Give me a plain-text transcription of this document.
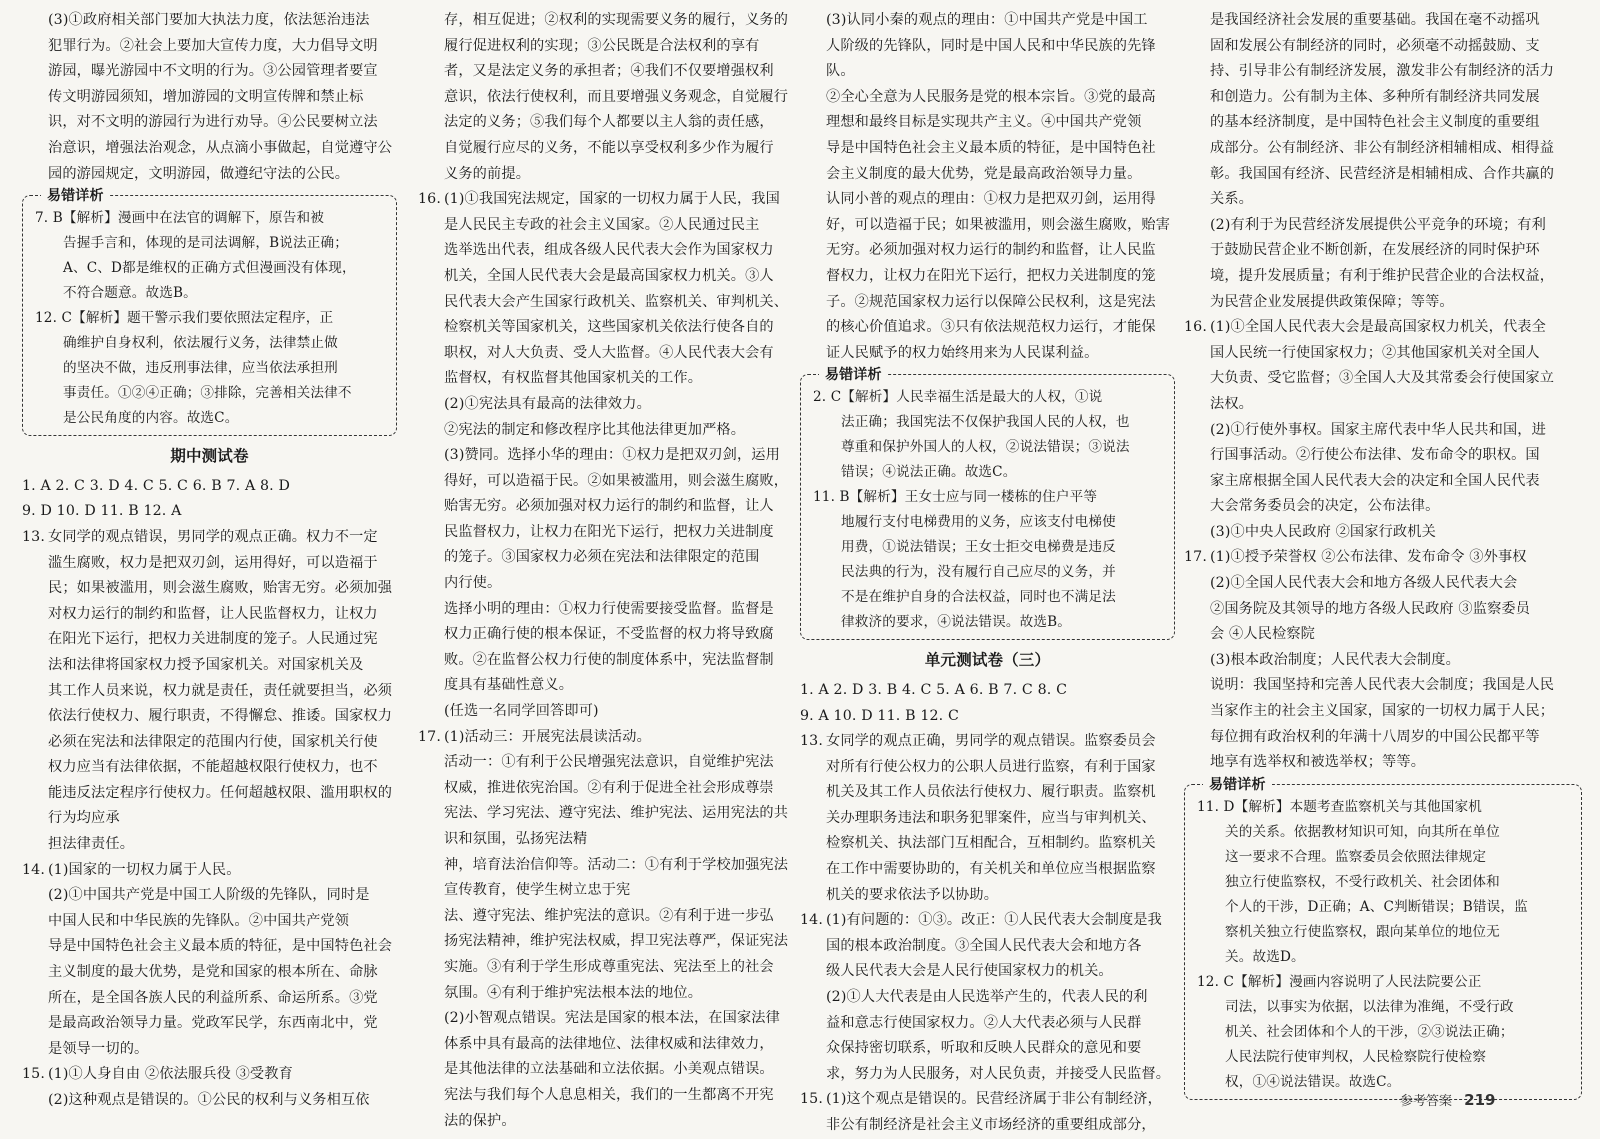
(3)①政府相关部门要加大执法力度，依法惩治违法

犯罪行为。②社会上要加大宣传力度，大力倡导文明

游园，曝光游园中不文明的行为。③公园管理者要宣

传文明游园须知，增加游园的文明宣传牌和禁止标

识，对不文明的游园行为进行劝导。④公民要树立法

治意识，增强法治观念，从点滴小事做起，自觉遵守公

园的游园规定，文明游园，做遵纪守法的公民。

易错详析

7. B【解析】漫画中在法官的调解下，原告和被

告握手言和，体现的是司法调解，B说法正确；

A、C、D都是维权的正确方式但漫画没有体现，

不符合题意。故选B。

12. C【解析】题干警示我们要依照法定程序，正

确维护自身权利，依法履行义务，法律禁止做

的坚决不做，违反刑事法律，应当依法承担刑

事责任。①②④正确；③排除，完善相关法律不

是公民角度的内容。故选C。

期中测试卷

1. A 2. C 3. D 4. C 5. C 6. B 7. A 8. D

9. D 10. D 11. B 12. A

13. 女同学的观点错误，男同学的观点正确。权力不一定

滥生腐败，权力是把双刃剑，运用得好，可以造福于

民；如果被滥用，则会滋生腐败，贻害无穷。必须加强

对权力运行的制约和监督，让人民监督权力，让权力

在阳光下运行，把权力关进制度的笼子。人民通过宪

法和法律将国家权力授予国家机关。对国家机关及

其工作人员来说，权力就是责任，责任就要担当，必须

依法行使权力、履行职责，不得懈怠、推诿。国家权力

必须在宪法和法律限定的范围内行使，国家机关行使

权力应当有法律依据，不能超越权限行使权力，也不

能违反法定程序行使权力。任何超越权限、滥用职权的行为均应承

担法律责任。

14. (1)国家的一切权力属于人民。

(2)①中国共产党是中国工人阶级的先锋队，同时是

中国人民和中华民族的先锋队。②中国共产党领

导是中国特色社会主义最本质的特征，是中国特色社会

主义制度的最大优势，是党和国家的根本所在、命脉

所在，是全国各族人民的利益所系、命运所系。③党

是最高政治领导力量。党政军民学，东西南北中，党

是领导一切的。

15. (1)①人身自由 ②依法服兵役 ③受教育

(2)这种观点是错误的。①公民的权利与义务相互依

存，相互促进；②权利的实现需要义务的履行，义务的

履行促进权利的实现；③公民既是合法权利的享有

者，又是法定义务的承担者；④我们不仅要增强权利

意识，依法行使权利，而且要增强义务观念，自觉履行

法定的义务；⑤我们每个人都要以主人翁的责任感，

自觉履行应尽的义务，不能以享受权利多少作为履行

义务的前提。

16. (1)①我国宪法规定，国家的一切权力属于人民，我国

是人民民主专政的社会主义国家。②人民通过民主

选举选出代表，组成各级人民代表大会作为国家权力

机关，全国人民代表大会是最高国家权力机关。③人

民代表大会产生国家行政机关、监察机关、审判机关、

检察机关等国家机关，这些国家机关依法行使各自的

职权，对人大负责、受人大监督。④人民代表大会有

监督权，有权监督其他国家机关的工作。

(2)①宪法具有最高的法律效力。

②宪法的制定和修改程序比其他法律更加严格。

(3)赞同。选择小华的理由：①权力是把双刃剑，运用

得好，可以造福于民。②如果被滥用，则会滋生腐败，

贻害无穷。必须加强对权力运行的制约和监督，让人

民监督权力，让权力在阳光下运行，把权力关进制度

的笼子。③国家权力必须在宪法和法律限定的范围

内行使。

选择小明的理由：①权力行使需要接受监督。监督是

权力正确行使的根本保证，不受监督的权力将导致腐

败。②在监督公权力行使的制度体系中，宪法监督制

度具有基础性意义。

(任选一名同学回答即可)

17. (1)活动三：开展宪法晨读活动。

活动一：①有利于公民增强宪法意识，自觉维护宪法

权威，推进依宪治国。②有利于促进全社会形成尊崇

宪法、学习宪法、遵守宪法、维护宪法、运用宪法的共识和氛围，弘扬宪法精

神，培育法治信仰等。活动二：①有利于学校加强宪法宣传教育，使学生树立忠于宪

法、遵守宪法、维护宪法的意识。②有利于进一步弘

扬宪法精神，维护宪法权威，捍卫宪法尊严，保证宪法

实施。③有利于学生形成尊重宪法、宪法至上的社会

氛围。④有利于维护宪法根本法的地位。

(2)小智观点错误。宪法是国家的根本法，在国家法律

体系中具有最高的法律地位、法律权威和法律效力，

是其他法律的立法基础和立法依据。小美观点错误。

宪法与我们每个人息息相关，我们的一生都离不开宪

法的保护。

(3)认同小秦的观点的理由：①中国共产党是中国工

人阶级的先锋队，同时是中国人民和中华民族的先锋队。

②全心全意为人民服务是党的根本宗旨。③党的最高

理想和最终目标是实现共产主义。④中国共产党领

导是中国特色社会主义最本质的特征，是中国特色社

会主义制度的最大优势，党是最高政治领导力量。

认同小普的观点的理由：①权力是把双刃剑，运用得

好，可以造福于民；如果被滥用，则会滋生腐败，贻害

无穷。必须加强对权力运行的制约和监督，让人民监

督权力，让权力在阳光下运行，把权力关进制度的笼

子。②规范国家权力运行以保障公民权利，这是宪法

的核心价值追求。③只有依法规范权力运行，才能保

证人民赋予的权力始终用来为人民谋利益。

易错详析

2. C【解析】人民幸福生活是最大的人权，①说

法正确；我国宪法不仅保护我国人民的人权，也

尊重和保护外国人的人权，②说法错误；③说法

错误；④说法正确。故选C。

11. B【解析】王女士应与同一楼栋的住户平等

地履行支付电梯费用的义务，应该支付电梯使

用费，①说法错误；王女士拒交电梯费是违反

民法典的行为，没有履行自己应尽的义务，并

不是在维护自身的合法权益，同时也不满足法

律救济的要求，④说法错误。故选B。

单元测试卷（三）

1. A 2. D 3. B 4. C 5. A 6. B 7. C 8. C

9. A 10. D 11. B 12. C

13. 女同学的观点正确，男同学的观点错误。监察委员会

对所有行使公权力的公职人员进行监察，有利于国家

机关及其工作人员依法行使权力、履行职责。监察机

关办理职务违法和职务犯罪案件，应当与审判机关、

检察机关、执法部门互相配合，互相制约。监察机关

在工作中需要协助的，有关机关和单位应当根据监察

机关的要求依法予以协助。

14. (1)有问题的：①③。改正：①人民代表大会制度是我

国的根本政治制度。③全国人民代表大会和地方各

级人民代表大会是人民行使国家权力的机关。

(2)①人大代表是由人民选举产生的，代表人民的利

益和意志行使国家权力。②人大代表必须与人民群

众保持密切联系，听取和反映人民群众的意见和要

求，努力为人民服务，对人民负责，并接受人民监督。

15. (1)这个观点是错误的。民营经济属于非公有制经济，

非公有制经济是社会主义市场经济的重要组成部分，

是我国经济社会发展的重要基础。我国在毫不动摇巩

固和发展公有制经济的同时，必须毫不动摇鼓励、支

持、引导非公有制经济发展，激发非公有制经济的活力

和创造力。公有制为主体、多种所有制经济共同发展

的基本经济制度，是中国特色社会主义制度的重要组

成部分。公有制经济、非公有制经济相辅相成、相得益

彰。我国国有经济、民营经济是相辅相成、合作共赢的

关系。

(2)有利于为民营经济发展提供公平竞争的环境；有利

于鼓励民营企业不断创新，在发展经济的同时保护环

境，提升发展质量；有利于维护民营企业的合法权益，

为民营企业发展提供政策保障；等等。

16. (1)①全国人民代表大会是最高国家权力机关，代表全

国人民统一行使国家权力；②其他国家机关对全国人

大负责、受它监督；③全国人大及其常委会行使国家立

法权。

(2)①行使外事权。国家主席代表中华人民共和国，进

行国事活动。②行使公布法律、发布命令的职权。国

家主席根据全国人民代表大会的决定和全国人民代表

大会常务委员会的决定，公布法律。

(3)①中央人民政府 ②国家行政机关

17. (1)①授予荣誉权 ②公布法律、发布命令 ③外事权

(2)①全国人民代表大会和地方各级人民代表大会

②国务院及其领导的地方各级人民政府 ③监察委员

会 ④人民检察院

(3)根本政治制度；人民代表大会制度。

说明：我国坚持和完善人民代表大会制度；我国是人民

当家作主的社会主义国家，国家的一切权力属于人民；

每位拥有政治权利的年满十八周岁的中国公民都平等

地享有选举权和被选举权；等等。

易错详析

11. D【解析】本题考查监察机关与其他国家机

关的关系。依据教材知识可知，向其所在单位

这一要求不合理。监察委员会依照法律规定

独立行使监察权，不受行政机关、社会团体和

个人的干涉，D正确；A、C判断错误；B错误，监

察机关独立行使监察权，跟向某单位的地位无

关。故选D。

12. C【解析】漫画内容说明了人民法院要公正

司法，以事实为依据，以法律为准绳，不受行政

机关、社会团体和个人的干涉，②③说法正确；

人民法院行使审判权，人民检察院行使检察

权，①④说法错误。故选C。

参考答案 219
